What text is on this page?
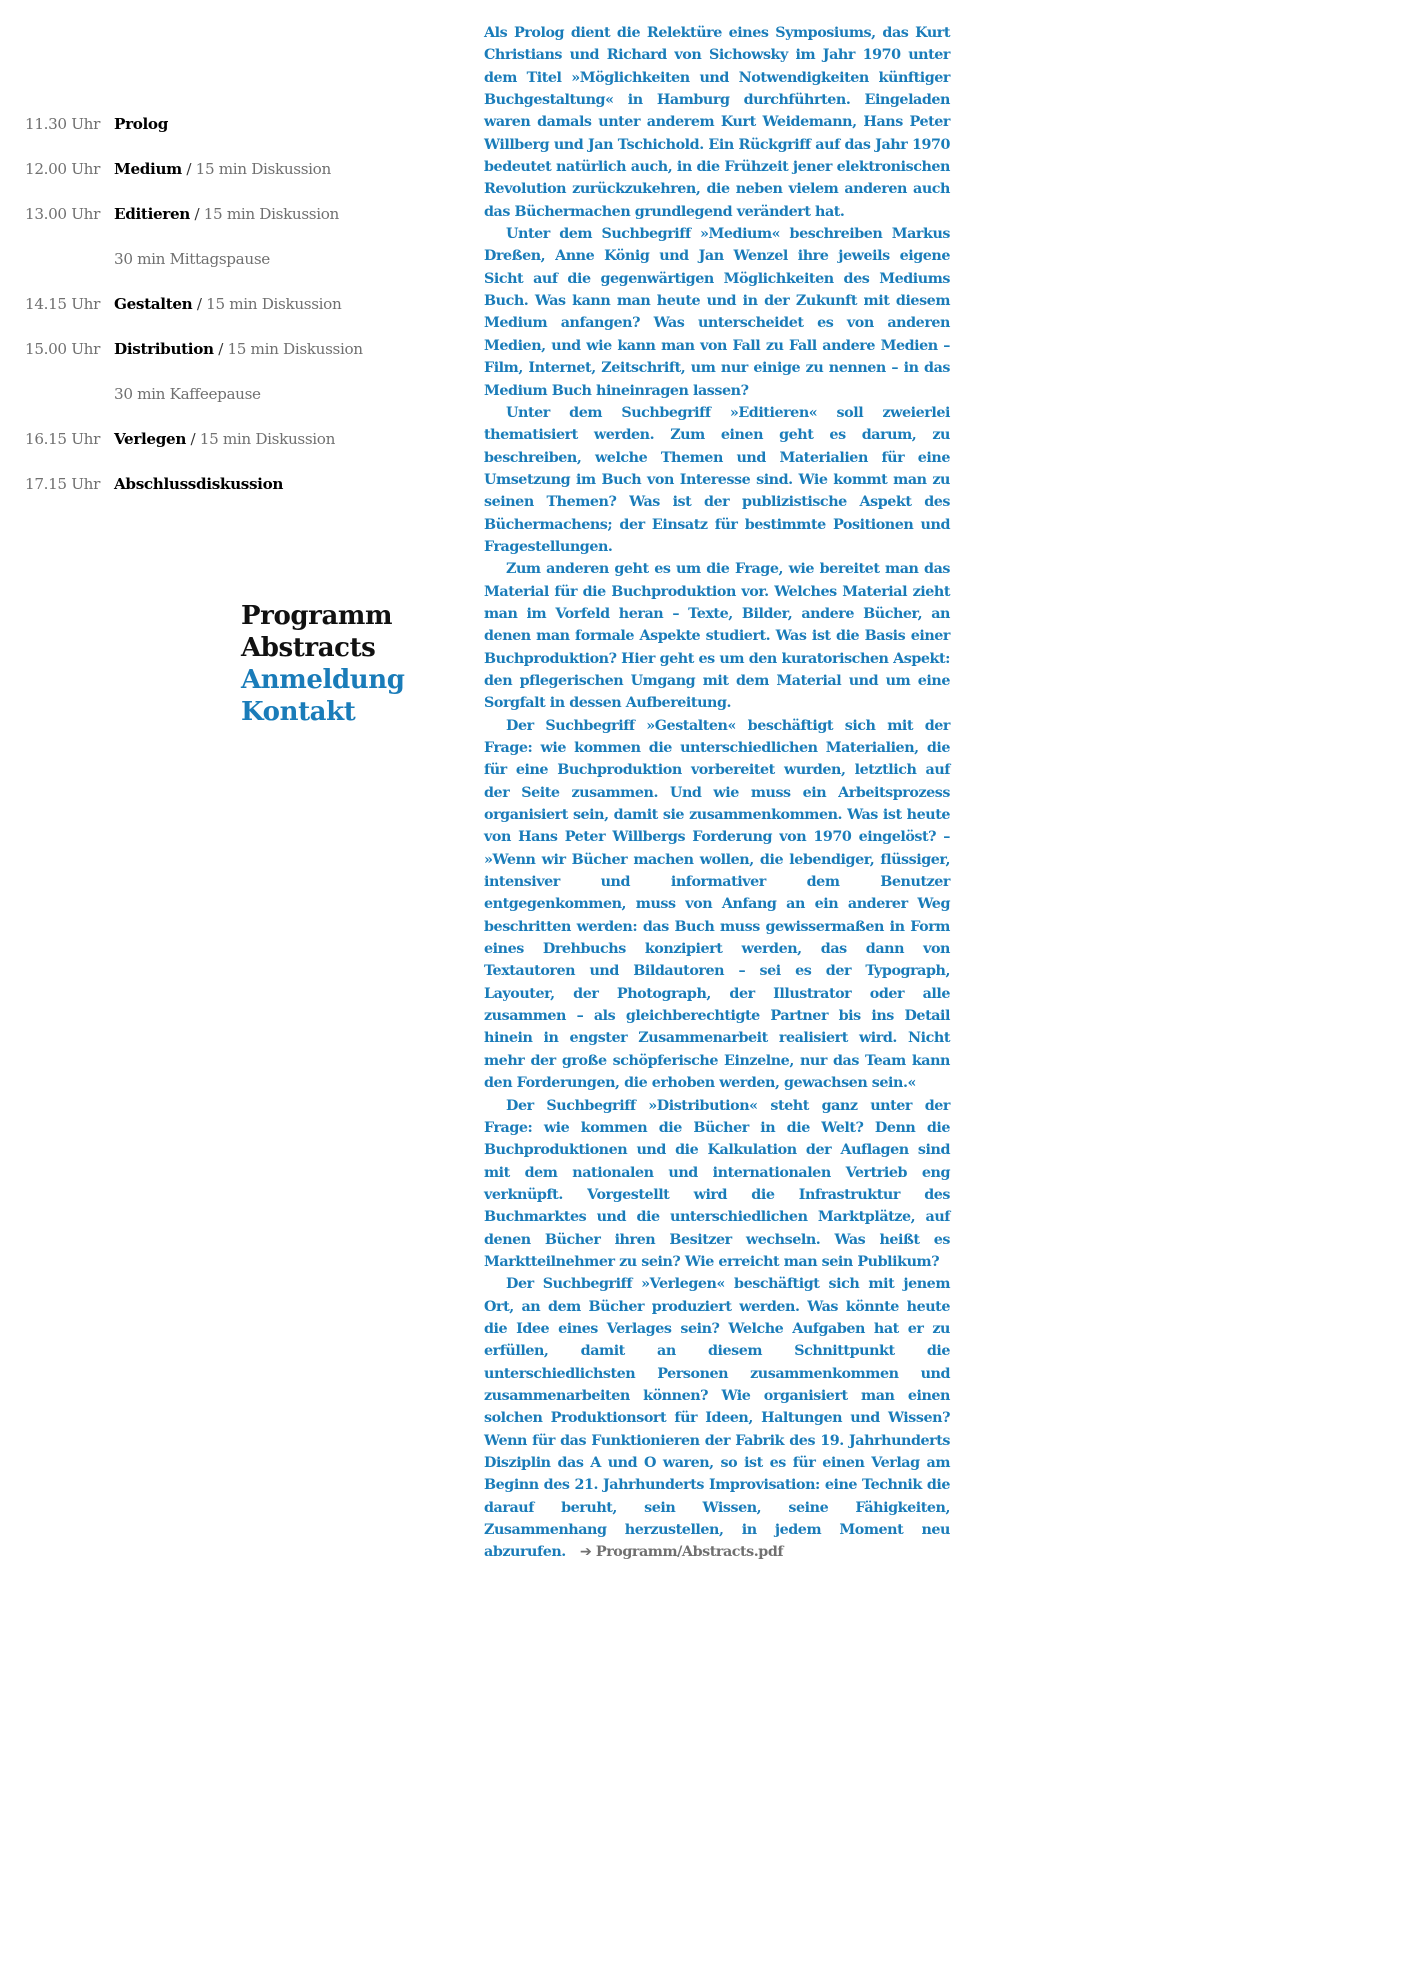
11.30 Uhr Prolog
12.00 Uhr Medium / 15 min Diskussion
13.00 Uhr Editieren / 15 min Diskussion
30 min Mittagspause
14.15 Uhr Gestalten / 15 min Diskussion
15.00 Uhr Distribution / 15 min Diskussion
30 min Kaffeepause
16.15 Uhr Verlegen / 15 min Diskussion
17.15 Uhr Abschlussdiskussion
Programm
Abstracts
Anmeldung
Kontakt

Als Prolog dient die Relektüre eines Symposiums, das Kurt Christians und Richard von Sichowsky im Jahr 1970 unter dem Titel »Möglichkeiten und Notwendigkeiten künftiger Buchgestaltung« in Hamburg durchführten. Eingeladen waren damals unter anderem Kurt Weidemann, Hans Peter Willberg und Jan Tschichold. Ein Rückgriff auf das Jahr 1970 bedeutet natürlich auch, in die Frühzeit jener elektronischen Revolution zurückzukehren, die neben vielem anderen auch das Büchermachen grundlegend verändert hat.

Unter dem Suchbegriff »Medium« beschreiben Markus Dreßen, Anne König und Jan Wenzel ihre jeweils eigene Sicht auf die gegenwärtigen Möglichkeiten des Mediums Buch. Was kann man heute und in der Zukunft mit diesem Medium anfangen? Was unterscheidet es von anderen Medien, und wie kann man von Fall zu Fall andere Medien – Film, Internet, Zeitschrift, um nur einige zu nennen – in das Medium Buch hineinragen lassen?

Unter dem Suchbegriff »Editieren« soll zweierlei thematisiert werden. Zum einen geht es darum, zu beschreiben, welche Themen und Materialien für eine Umsetzung im Buch von Interesse sind. Wie kommt man zu seinen Themen? Was ist der publizistische Aspekt des Büchermachens; der Einsatz für bestimmte Positionen und Fragestellungen.

Zum anderen geht es um die Frage, wie bereitet man das Material für die Buchproduktion vor. Welches Material zieht man im Vorfeld heran – Texte, Bilder, andere Bücher, an denen man formale Aspekte studiert. Was ist die Basis einer Buchproduktion? Hier geht es um den kuratorischen Aspekt: den pflegerischen Umgang mit dem Material und um eine Sorgfalt in dessen Aufbereitung.

Der Suchbegriff »Gestalten« beschäftigt sich mit der Frage: wie kommen die unterschiedlichen Materialien, die für eine Buchproduktion vorbereitet wurden, letztlich auf der Seite zusammen. Und wie muss ein Arbeitsprozess organisiert sein, damit sie zusammenkommen. Was ist heute von Hans Peter Willbergs Forderung von 1970 eingelöst? – »Wenn wir Bücher machen wollen, die lebendiger, flüssiger, intensiver und informativer dem Benutzer entgegenkommen, muss von Anfang an ein anderer Weg beschritten werden: das Buch muss gewissermaßen in Form eines Drehbuchs konzipiert werden, das dann von Textautoren und Bildautoren – sei es der Typograph, Layouter, der Photograph, der Illustrator oder alle zusammen – als gleichberechtigte Partner bis ins Detail hinein in engster Zusammenarbeit realisiert wird. Nicht mehr der große schöpferische Einzelne, nur das Team kann den Forderungen, die erhoben werden, gewachsen sein.«

Der Suchbegriff »Distribution« steht ganz unter der Frage: wie kommen die Bücher in die Welt? Denn die Buchproduktionen und die Kalkulation der Auflagen sind mit dem nationalen und internationalen Vertrieb eng verknüpft. Vorgestellt wird die Infrastruktur des Buchmarktes und die unterschiedlichen Marktplätze, auf denen Bücher ihren Besitzer wechseln. Was heißt es Marktteilnehmer zu sein? Wie erreicht man sein Publikum?

Der Suchbegriff »Verlegen« beschäftigt sich mit jenem Ort, an dem Bücher produziert werden. Was könnte heute die Idee eines Verlages sein? Welche Aufgaben hat er zu erfüllen, damit an diesem Schnittpunkt die unterschiedlichsten Personen zusammenkommen und zusammenarbeiten können? Wie organisiert man einen solchen Produktionsort für Ideen, Haltungen und Wissen? Wenn für das Funktionieren der Fabrik des 19. Jahrhunderts Disziplin das A und O waren, so ist es für einen Verlag am Beginn des 21. Jahrhunderts Improvisation: eine Technik die darauf beruht, sein Wissen, seine Fähigkeiten, Zusammenhang herzustellen, in jedem Moment neu abzurufen. ➔ Programm/Abstracts.pdf
